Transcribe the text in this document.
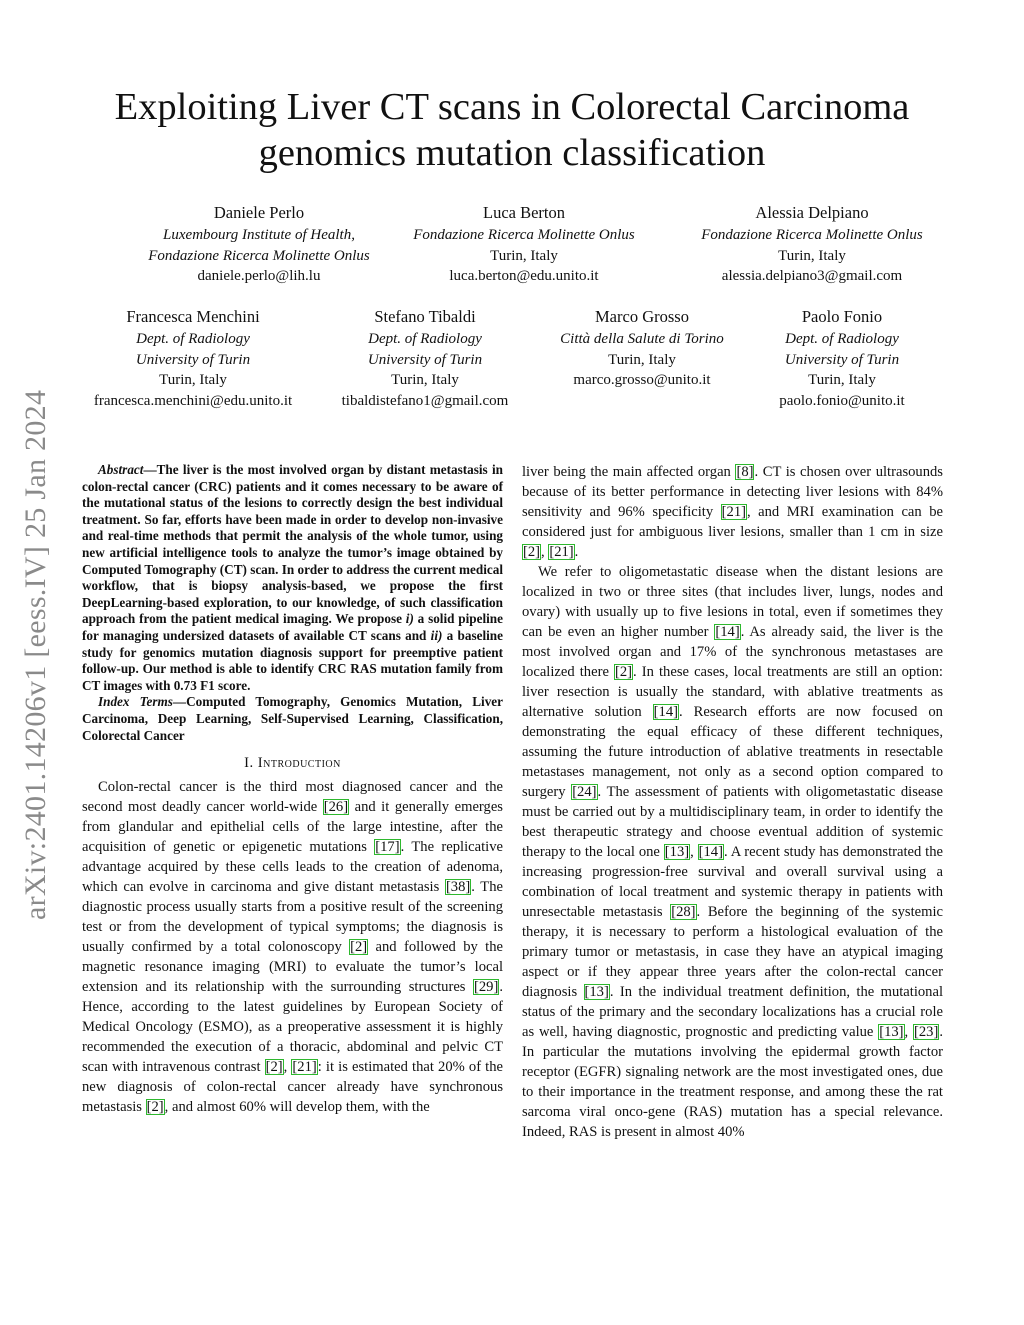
arXiv:2401.14206v1 [eess.IV] 25 Jan 2024
Exploiting Liver CT scans in Colorectal Carcinoma genomics mutation classification
Daniele Perlo
Luxembourg Institute of Health,
Fondazione Ricerca Molinette Onlus
daniele.perlo@lih.lu
Luca Berton
Fondazione Ricerca Molinette Onlus
Turin, Italy
luca.berton@edu.unito.it
Alessia Delpiano
Fondazione Ricerca Molinette Onlus
Turin, Italy
alessia.delpiano3@gmail.com
Francesca Menchini
Dept. of Radiology
University of Turin
Turin, Italy
francesca.menchini@edu.unito.it
Stefano Tibaldi
Dept. of Radiology
University of Turin
Turin, Italy
tibaldistefano1@gmail.com
Marco Grosso
Città della Salute di Torino
Turin, Italy
marco.grosso@unito.it
Paolo Fonio
Dept. of Radiology
University of Turin
Turin, Italy
paolo.fonio@unito.it

Abstract—The liver is the most involved organ by distant metastasis in colon-rectal cancer (CRC) patients and it comes necessary to be aware of the mutational status of the lesions to correctly design the best individual treatment. So far, efforts have been made in order to develop non-invasive and real-time methods that permit the analysis of the whole tumor, using new artificial intelligence tools to analyze the tumor’s image obtained by Computed Tomography (CT) scan. In order to address the current medical workflow, that is biopsy analysis-based, we propose the first DeepLearning-based exploration, to our knowledge, of such classification approach from the patient medical imaging. We propose i) a solid pipeline for managing undersized datasets of available CT scans and ii) a baseline study for genomics mutation diagnosis support for preemptive patient follow-up. Our method is able to identify CRC RAS mutation family from CT images with 0.73 F1 score.

Index Terms—Computed Tomography, Genomics Mutation, Liver Carcinoma, Deep Learning, Self-Supervised Learning, Classification, Colorectal Cancer

I. Introduction

Colon-rectal cancer is the third most diagnosed cancer and the second most deadly cancer world-wide [26] and it generally emerges from glandular and epithelial cells of the large intestine, after the acquisition of genetic or epigenetic mutations [17]. The replicative advantage acquired by these cells leads to the creation of adenoma, which can evolve in carcinoma and give distant metastasis [38]. The diagnostic process usually starts from a positive result of the screening test or from the development of typical symptoms; the diagnosis is usually confirmed by a total colonoscopy [2] and followed by the magnetic resonance imaging (MRI) to evaluate the tumor’s local extension and its relationship with the surrounding structures [29]. Hence, according to the latest guidelines by European Society of Medical Oncology (ESMO), as a preoperative assessment it is highly recommended the execution of a thoracic, abdominal and pelvic CT scan with intravenous contrast [2], [21]: it is estimated that 20% of the new diagnosis of colon-rectal cancer already have synchronous metastasis [2], and almost 60% will develop them, with the

liver being the main affected organ [8]. CT is chosen over ultrasounds because of its better performance in detecting liver lesions with 84% sensitivity and 96% specificity [21], and MRI examination can be considered just for ambiguous liver lesions, smaller than 1 cm in size [2], [21].

We refer to oligometastatic disease when the distant lesions are localized in two or three sites (that includes liver, lungs, nodes and ovary) with usually up to five lesions in total, even if sometimes they can be even an higher number [14]. As already said, the liver is the most involved organ and 17% of the synchronous metastases are localized there [2]. In these cases, local treatments are still an option: liver resection is usually the standard, with ablative treatments as alternative solution [14]. Research efforts are now focused on demonstrating the equal efficacy of these different techniques, assuming the future introduction of ablative treatments in resectable metastases management, not only as a second option compared to surgery [24]. The assessment of patients with oligometastatic disease must be carried out by a multidisciplinary team, in order to identify the best therapeutic strategy and choose eventual addition of systemic therapy to the local one [13], [14]. A recent study has demonstrated the increasing progression-free survival and overall survival using a combination of local treatment and systemic therapy in patients with unresectable metastasis [28]. Before the beginning of the systemic therapy, it is necessary to perform a histological evaluation of the primary tumor or metastasis, in case they have an atypical imaging aspect or if they appear three years after the colon-rectal cancer diagnosis [13]. In the individual treatment definition, the mutational status of the primary and the secondary localizations has a crucial role as well, having diagnostic, prognostic and predicting value [13], [23]. In particular the mutations involving the epidermal growth factor receptor (EGFR) signaling network are the most investigated ones, due to their importance in the treatment response, and among these the rat sarcoma viral onco-gene (RAS) mutation has a special relevance. Indeed, RAS is present in almost 40%
